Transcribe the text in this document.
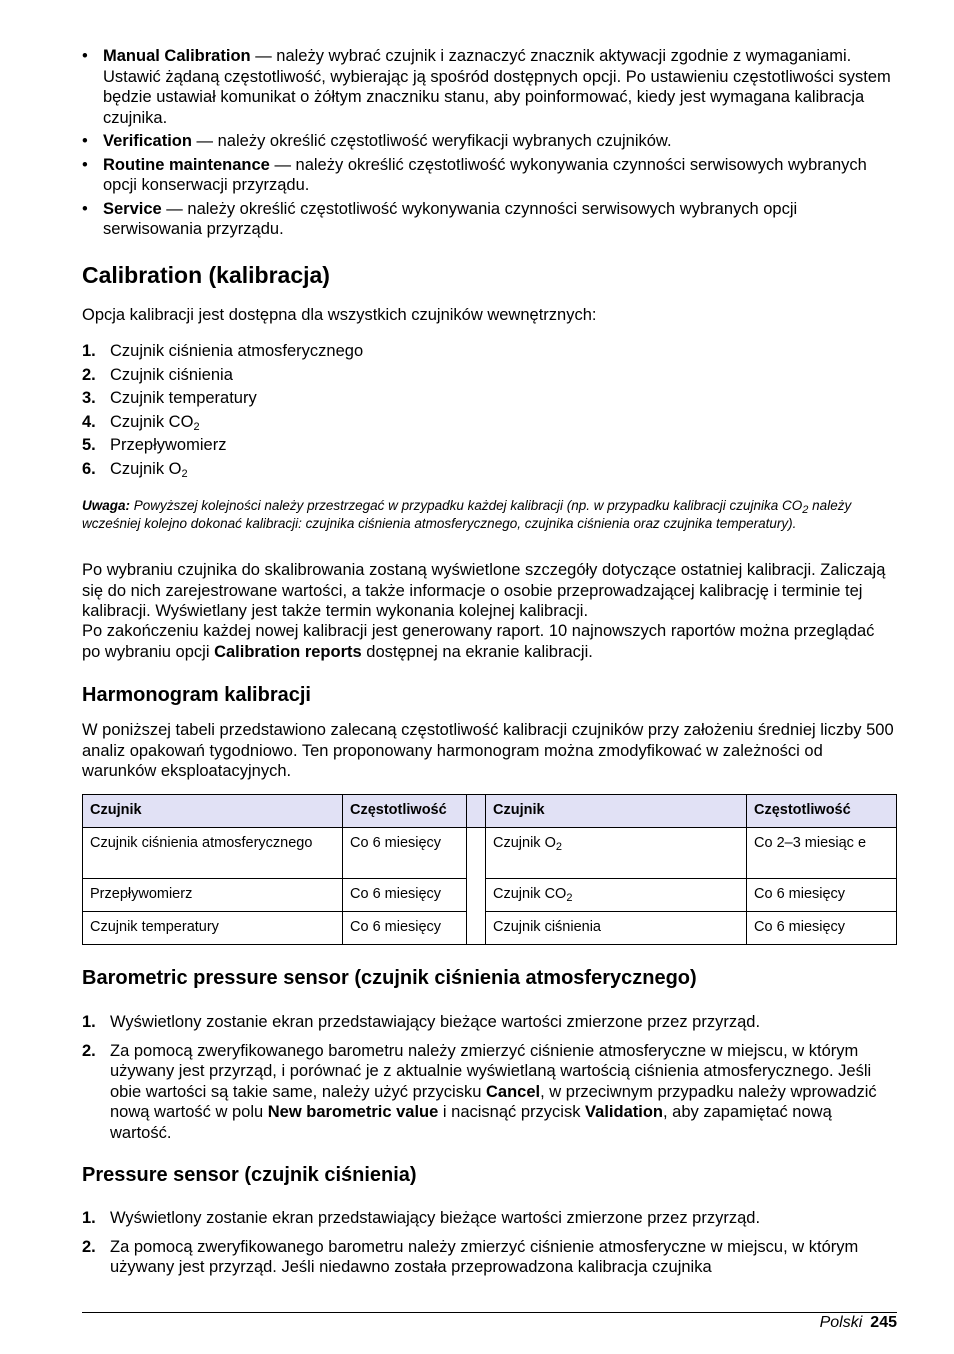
• Manual Calibration — należy wybrać czujnik i zaznaczyć znacznik aktywacji zgodnie z wymaganiami. Ustawić żądaną częstotliwość, wybierając ją spośród dostępnych opcji. Po ustawieniu częstotliwości system będzie ustawiał komunikat o żółtym znaczniku stanu, aby poinformować, kiedy jest wymagana kalibracja czujnika.
• Verification — należy określić częstotliwość weryfikacji wybranych czujników.
• Routine maintenance — należy określić częstotliwość wykonywania czynności serwisowych wybranych opcji konserwacji przyrządu.
• Service — należy określić częstotliwość wykonywania czynności serwisowych wybranych opcji serwisowania przyrządu.
Calibration (kalibracja)

Opcja kalibracji jest dostępna dla wszystkich czujników wewnętrznych:

1. Czujnik ciśnienia atmosferycznego
2. Czujnik ciśnienia
3. Czujnik temperatury
4. Czujnik $CO_2$
5. Przepływomierz
6. Czujnik $O_2$

Uwaga: Powyższej kolejności należy przestrzegać w przypadku każdej kalibracji (np. w przypadku kalibracji czujnika $CO_2$ należy wcześniej kolejno dokonać kalibracji: czujnika ciśnienia atmosferycznego, czujnika ciśnienia oraz czujnika temperatury).

Po wybraniu czujnika do skalibrowania zostaną wyświetlone szczegóły dotyczące ostatniej kalibracji. Zaliczają się do nich zarejestrowane wartości, a także informacje o osobie przeprowadzającej kalibrację i terminie tej kalibracji. Wyświetlany jest także termin wykonania kolejnej kalibracji.

Po zakończeniu każdej nowej kalibracji jest generowany raport. 10 najnowszych raportów można przeglądać po wybraniu opcji Calibration reports dostępnej na ekranie kalibracji.

Harmonogram kalibracji

W poniższej tabeli przedstawiono zalecaną częstotliwość kalibracji czujników przy założeniu średniej liczby 500 analiz opakowań tygodniowo. Ten proponowany harmonogram można zmodyfikować w zależności od warunków eksploatacyjnych.

Czujnik	Częstotliwość		Czujnik	Częstotliwość
Czujnik ciśnienia atmosferycznego	Co 6 miesięcy		Czujnik $O_2$	Co 2–3 miesiąc e
Przepływomierz	Co 6 miesięcy		Czujnik $CO_2$	Co 6 miesięcy
Czujnik temperatury	Co 6 miesięcy		Czujnik ciśnienia	Co 6 miesięcy
Barometric pressure sensor (czujnik ciśnienia atmosferycznego)
1. Wyświetlony zostanie ekran przedstawiający bieżące wartości zmierzone przez przyrząd.
2. Za pomocą zweryfikowanego barometru należy zmierzyć ciśnienie atmosferyczne w miejscu, w którym używany jest przyrząd, i porównać je z aktualnie wyświetlaną wartością ciśnienia atmosferycznego. Jeśli obie wartości są takie same, należy użyć przycisku Cancel, w przeciwnym przypadku należy wprowadzić nową wartość w polu New barometric value i nacisnąć przycisk Validation, aby zapamiętać nową wartość.
Pressure sensor (czujnik ciśnienia)
1. Wyświetlony zostanie ekran przedstawiający bieżące wartości zmierzone przez przyrząd.
2. Za pomocą zweryfikowanego barometru należy zmierzyć ciśnienie atmosferyczne w miejscu, w którym używany jest przyrząd. Jeśli niedawno została przeprowadzona kalibracja czujnika
Polski 245
